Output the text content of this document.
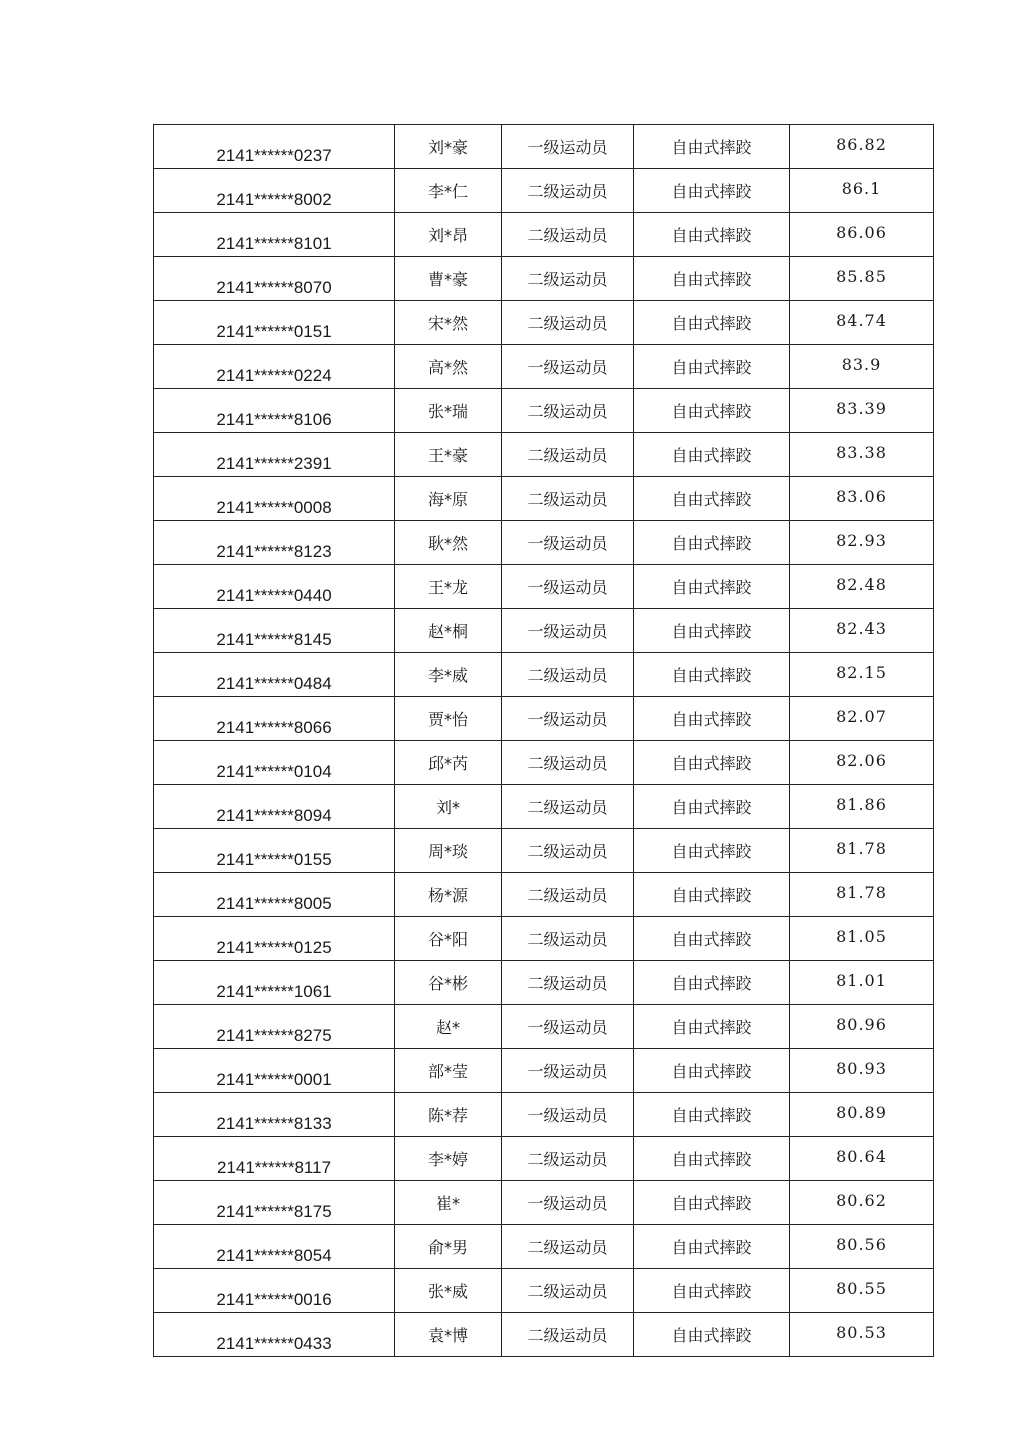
2141******0237	刘*豪	一级运动员	自由式摔跤	86.82
2141******8002	李*仁	二级运动员	自由式摔跤	86.1
2141******8101	刘*昂	二级运动员	自由式摔跤	86.06
2141******8070	曹*豪	二级运动员	自由式摔跤	85.85
2141******0151	宋*然	二级运动员	自由式摔跤	84.74
2141******0224	高*然	一级运动员	自由式摔跤	83.9
2141******8106	张*瑞	二级运动员	自由式摔跤	83.39
2141******2391	王*豪	二级运动员	自由式摔跤	83.38
2141******0008	海*原	二级运动员	自由式摔跤	83.06
2141******8123	耿*然	一级运动员	自由式摔跤	82.93
2141******0440	王*龙	一级运动员	自由式摔跤	82.48
2141******8145	赵*桐	一级运动员	自由式摔跤	82.43
2141******0484	李*威	二级运动员	自由式摔跤	82.15
2141******8066	贾*怡	一级运动员	自由式摔跤	82.07
2141******0104	邱*芮	二级运动员	自由式摔跤	82.06
2141******8094	刘*	二级运动员	自由式摔跤	81.86
2141******0155	周*琰	二级运动员	自由式摔跤	81.78
2141******8005	杨*源	二级运动员	自由式摔跤	81.78
2141******0125	谷*阳	二级运动员	自由式摔跤	81.05
2141******1061	谷*彬	二级运动员	自由式摔跤	81.01
2141******8275	赵*	一级运动员	自由式摔跤	80.96
2141******0001	部*莹	一级运动员	自由式摔跤	80.93
2141******8133	陈*荐	一级运动员	自由式摔跤	80.89
2141******8117	李*婷	二级运动员	自由式摔跤	80.64
2141******8175	崔*	一级运动员	自由式摔跤	80.62
2141******8054	俞*男	二级运动员	自由式摔跤	80.56
2141******0016	张*威	二级运动员	自由式摔跤	80.55
2141******0433	袁*博	二级运动员	自由式摔跤	80.53
